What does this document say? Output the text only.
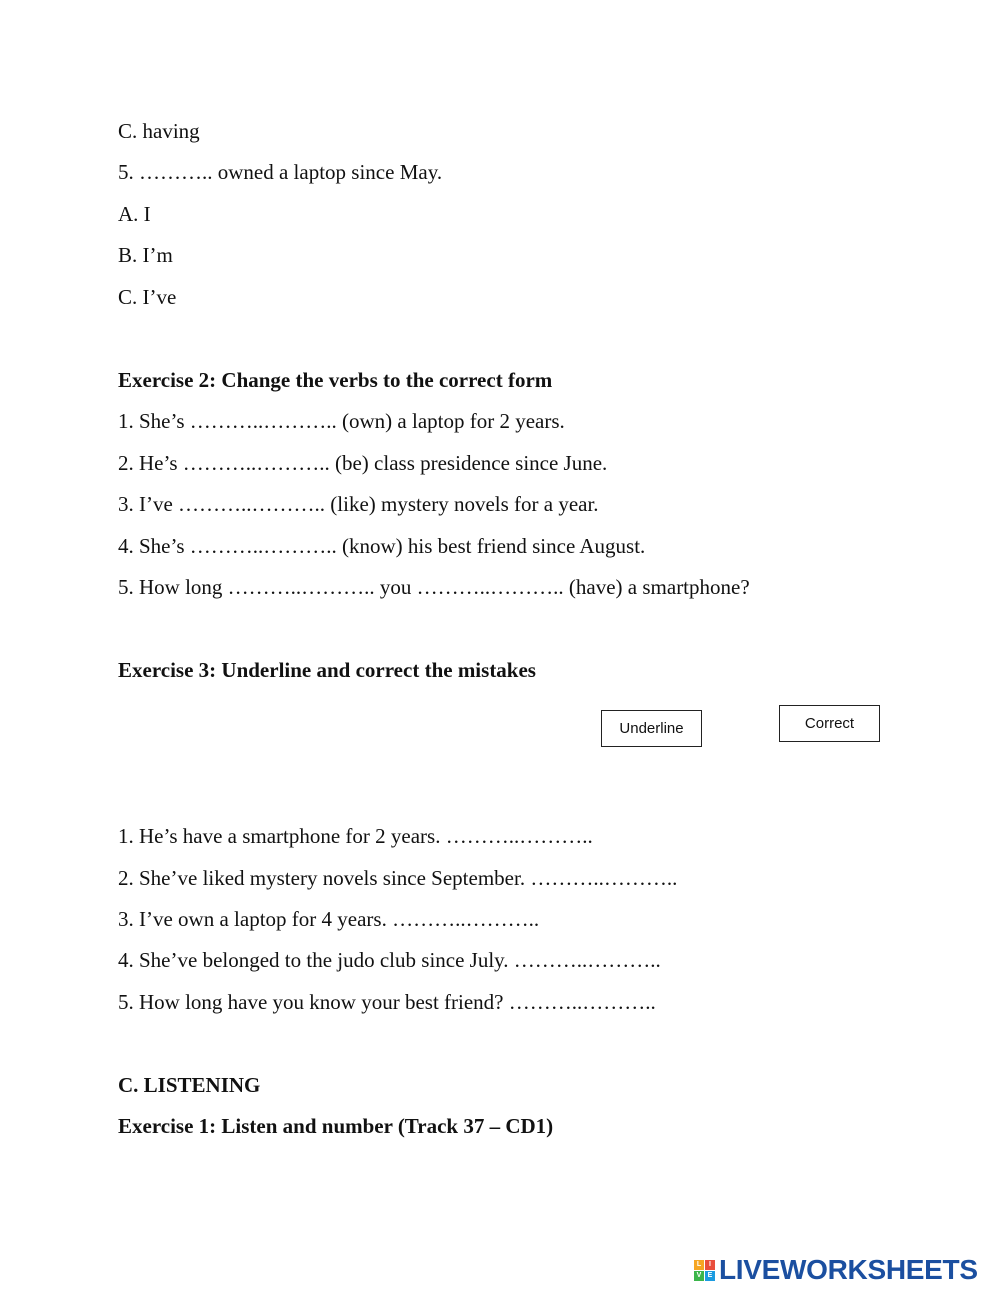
C. having
5. ……….. owned a laptop since May.
A. I
B. I’m
C. I’ve
Exercise 2: Change the verbs to the correct form
1. She’s ………..……….. (own) a laptop for 2 years.
2. He’s ………..……….. (be) class presidence since June.
3. I’ve ………..……….. (like) mystery novels for a year.
4. She’s ………..……….. (know) his best friend since August.
5. How long ………..……….. you ………..……….. (have) a smartphone?
Exercise 3: Underline and correct the mistakes
Underline	Correct
1. He’s have a smartphone for 2 years. ………..………..
2. She’ve liked mystery novels since September. ………..………..
3. I’ve own a laptop for 4 years. ………..………..
4. She’ve belonged to the judo club since July. ………..………..
5. How long have you know your best friend? ………..………..
C. LISTENING
Exercise 1: Listen and number (Track 37 – CD1)
L	I
V E LIVEWORKSHEETS
